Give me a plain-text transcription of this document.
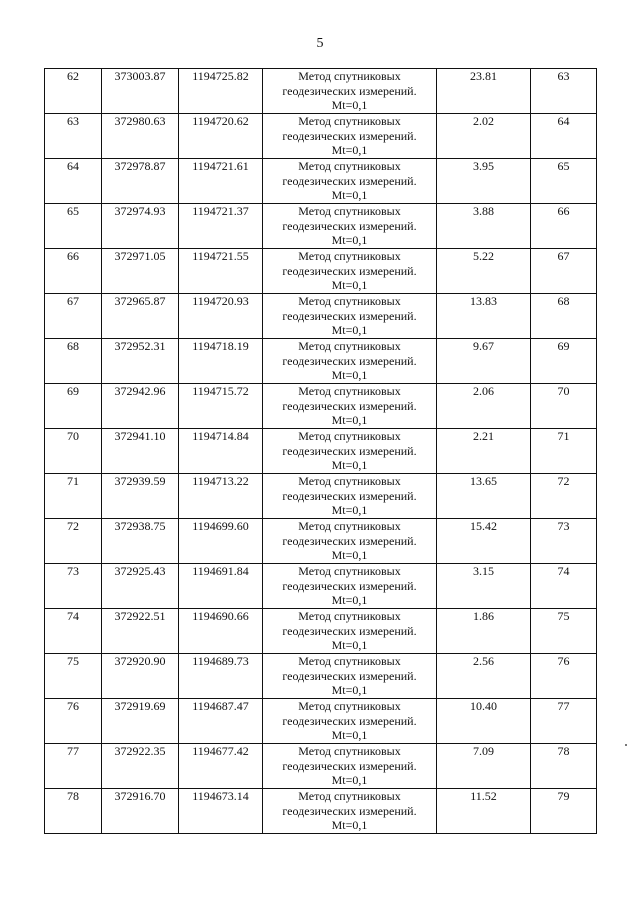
5
62	373003.87	1194725.82	Метод спутниковых
геодезических измерений.
Mt=0,1	23.81	63
63	372980.63	1194720.62	Метод спутниковых
геодезических измерений.
Mt=0,1	2.02	64
64	372978.87	1194721.61	Метод спутниковых
геодезических измерений.
Mt=0,1	3.95	65
65	372974.93	1194721.37	Метод спутниковых
геодезических измерений.
Mt=0,1	3.88	66
66	372971.05	1194721.55	Метод спутниковых
геодезических измерений.
Mt=0,1	5.22	67
67	372965.87	1194720.93	Метод спутниковых
геодезических измерений.
Mt=0,1	13.83	68
68	372952.31	1194718.19	Метод спутниковых
геодезических измерений.
Mt=0,1	9.67	69
69	372942.96	1194715.72	Метод спутниковых
геодезических измерений.
Mt=0,1	2.06	70
70	372941.10	1194714.84	Метод спутниковых
геодезических измерений.
Mt=0,1	2.21	71
71	372939.59	1194713.22	Метод спутниковых
геодезических измерений.
Mt=0,1	13.65	72
72	372938.75	1194699.60	Метод спутниковых
геодезических измерений.
Mt=0,1	15.42	73
73	372925.43	1194691.84	Метод спутниковых
геодезических измерений.
Mt=0,1	3.15	74
74	372922.51	1194690.66	Метод спутниковых
геодезических измерений.
Mt=0,1	1.86	75
75	372920.90	1194689.73	Метод спутниковых
геодезических измерений.
Mt=0,1	2.56	76
76	372919.69	1194687.47	Метод спутниковых
геодезических измерений.
Mt=0,1	10.40	77
77	372922.35	1194677.42	Метод спутниковых
геодезических измерений.
Mt=0,1	7.09	78
78	372916.70	1194673.14	Метод спутниковых
геодезических измерений.
Mt=0,1	11.52	79
